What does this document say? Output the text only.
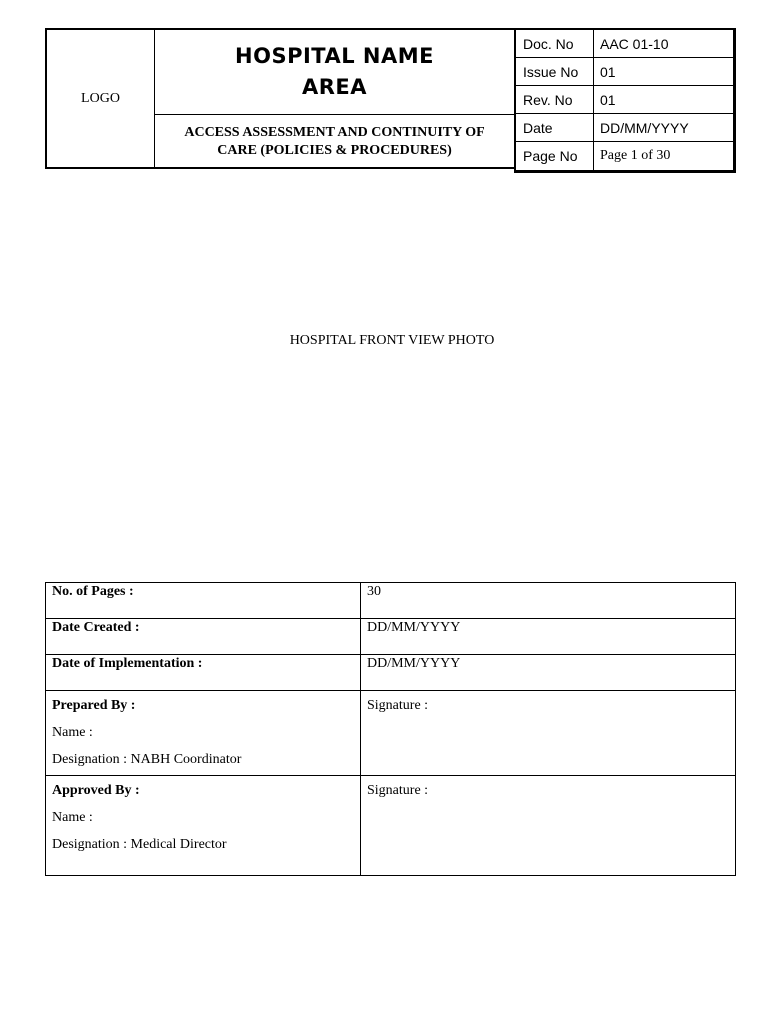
LOGO
HOSPITAL NAME
AREA
ACCESS ASSESSMENT AND CONTINUITY OF
CARE (POLICIES & PROCEDURES)
Doc. No	AAC 01-10
Issue No	01
Rev. No	01
Date	DD/MM/YYYY
Page No	Page 1 of 30
HOSPITAL FRONT VIEW PHOTO
No. of Pages :	30
Date Created :	DD/MM/YYYY
Date of Implementation :	DD/MM/YYYY

Prepared By :
Name :
Designation : NABH Coordinator	Signature :

Approved By :
Name :
Designation : Medical Director	Signature :
